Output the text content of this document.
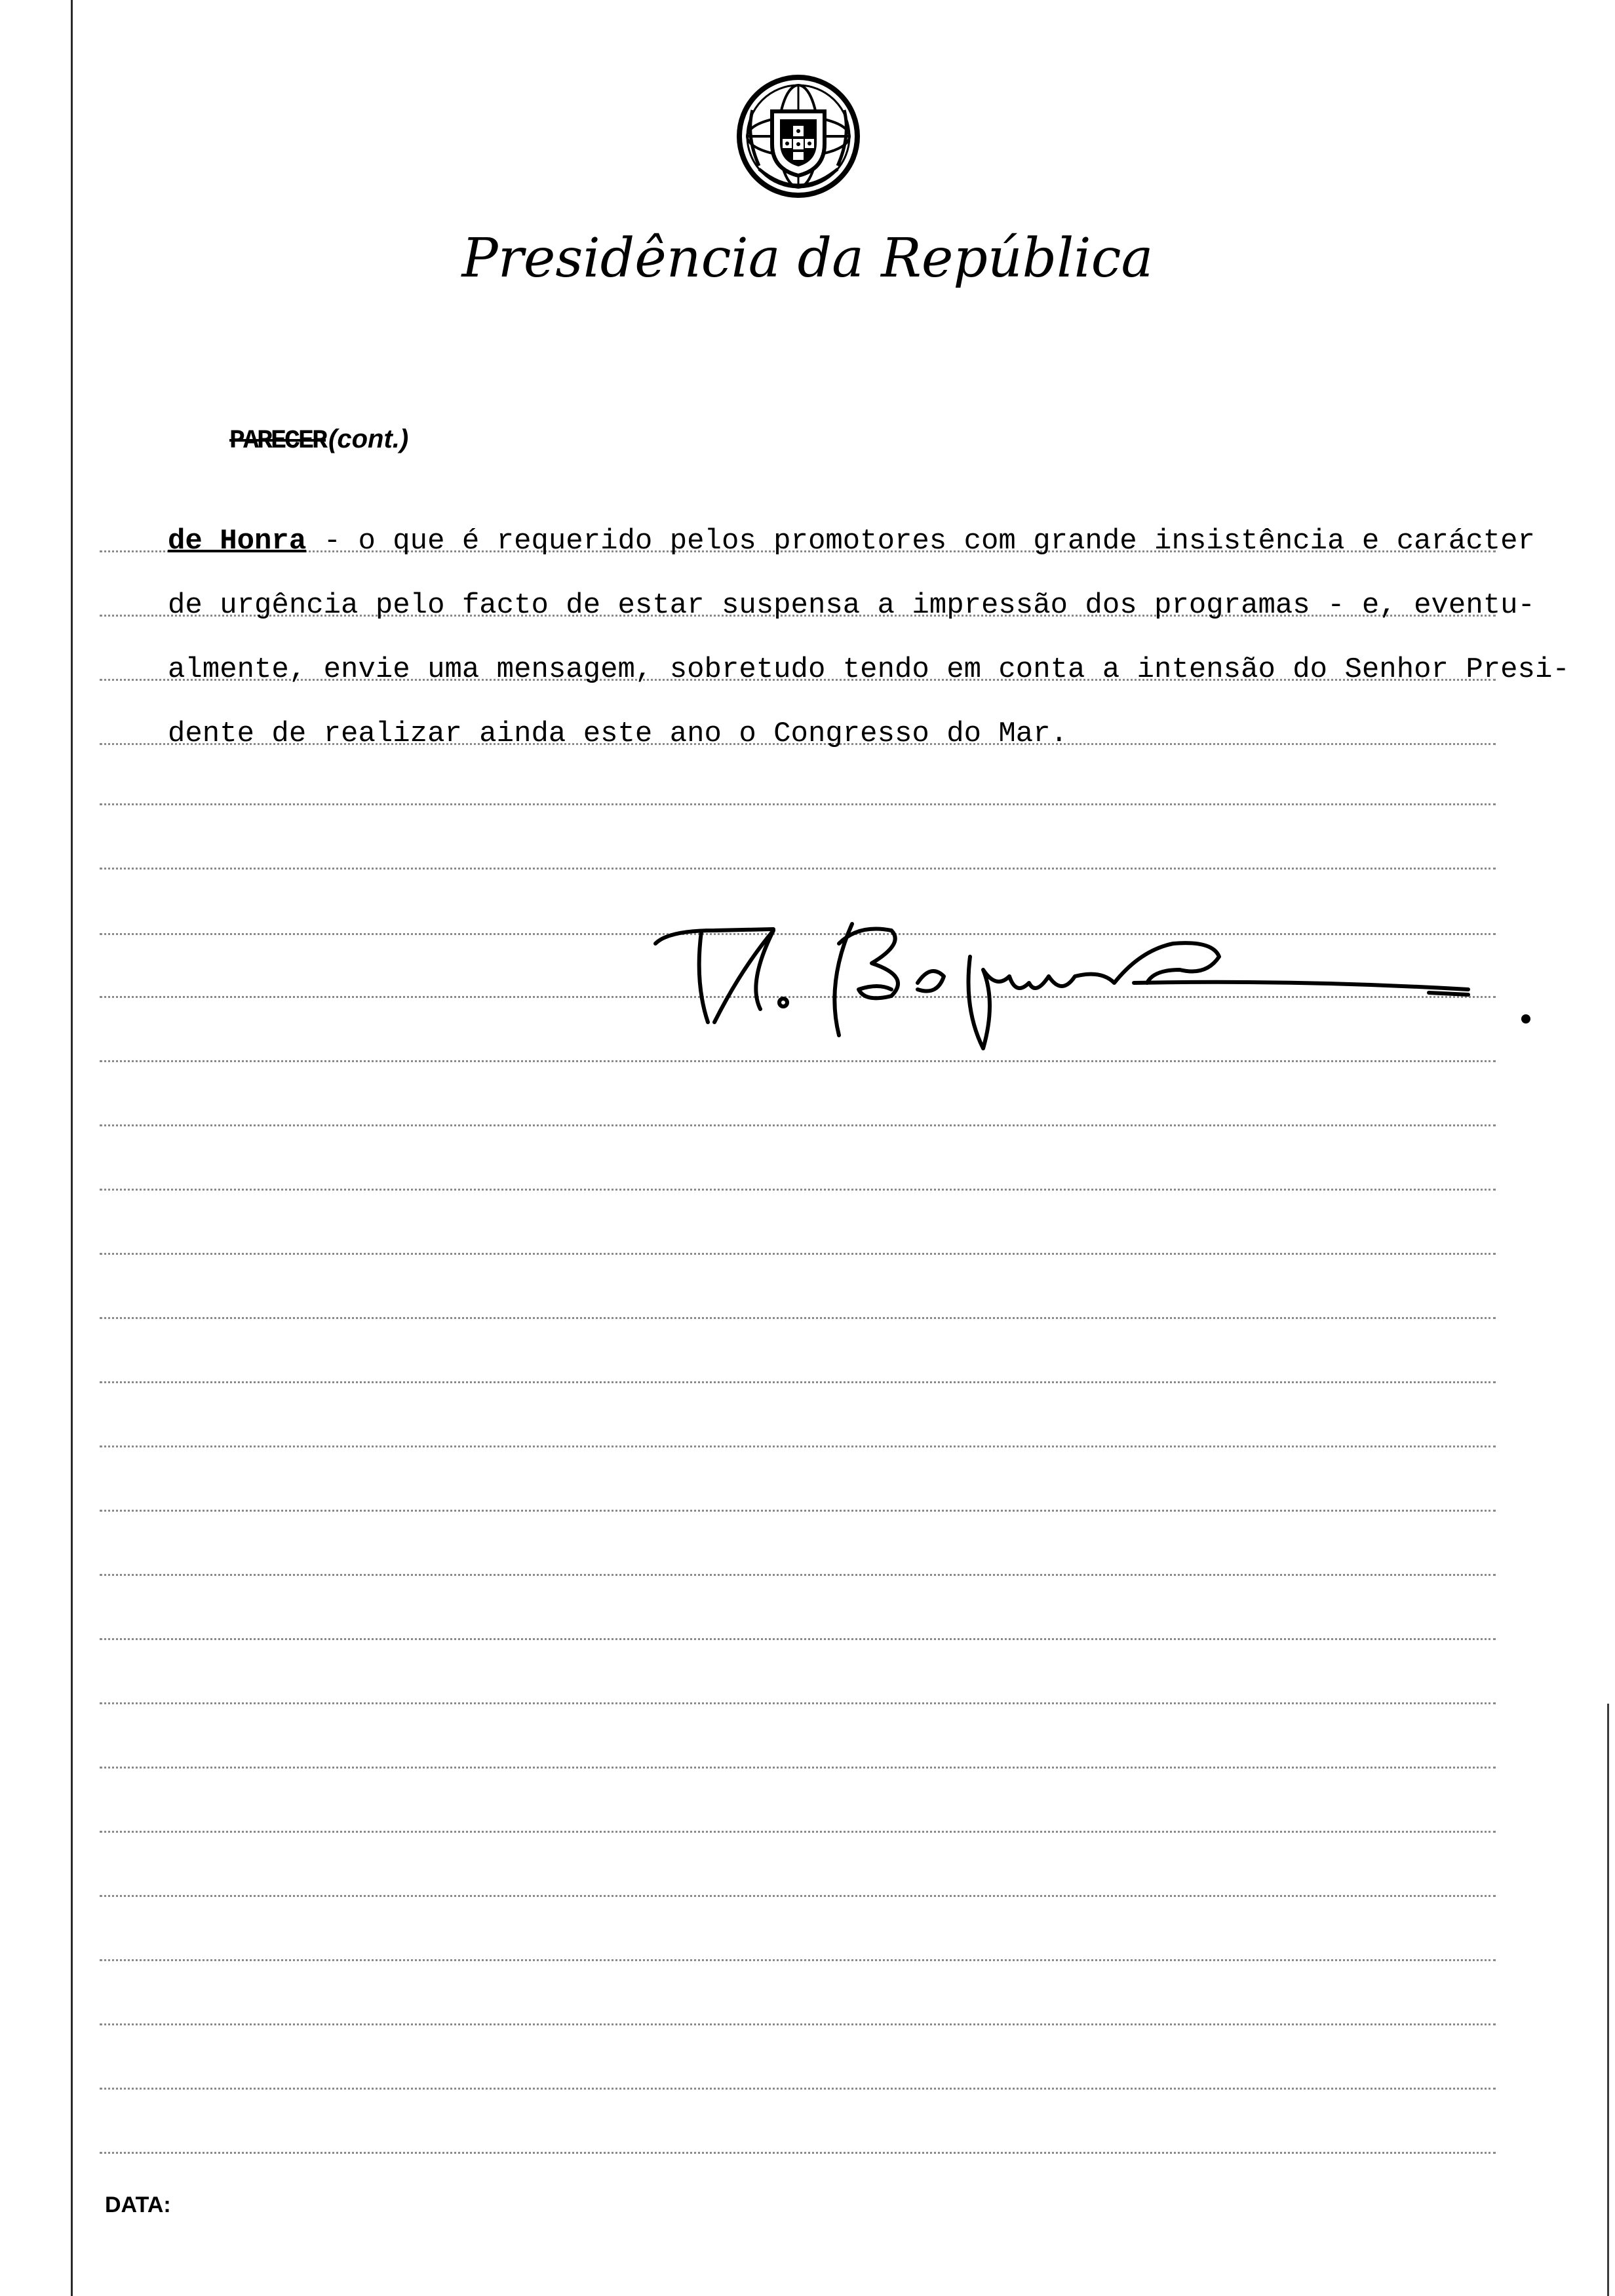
Presidência da República
PARECER (cont.)
de Honra - o que é requerido pelos promotores com grande insistência e carácter
de urgência pelo facto de estar suspensa a impressão dos programas - e, eventu-
almente, envie uma mensagem, sobretudo tendo em conta a intensão do Senhor Presi-
dente de realizar ainda este ano o Congresso do Mar.
DATA:
